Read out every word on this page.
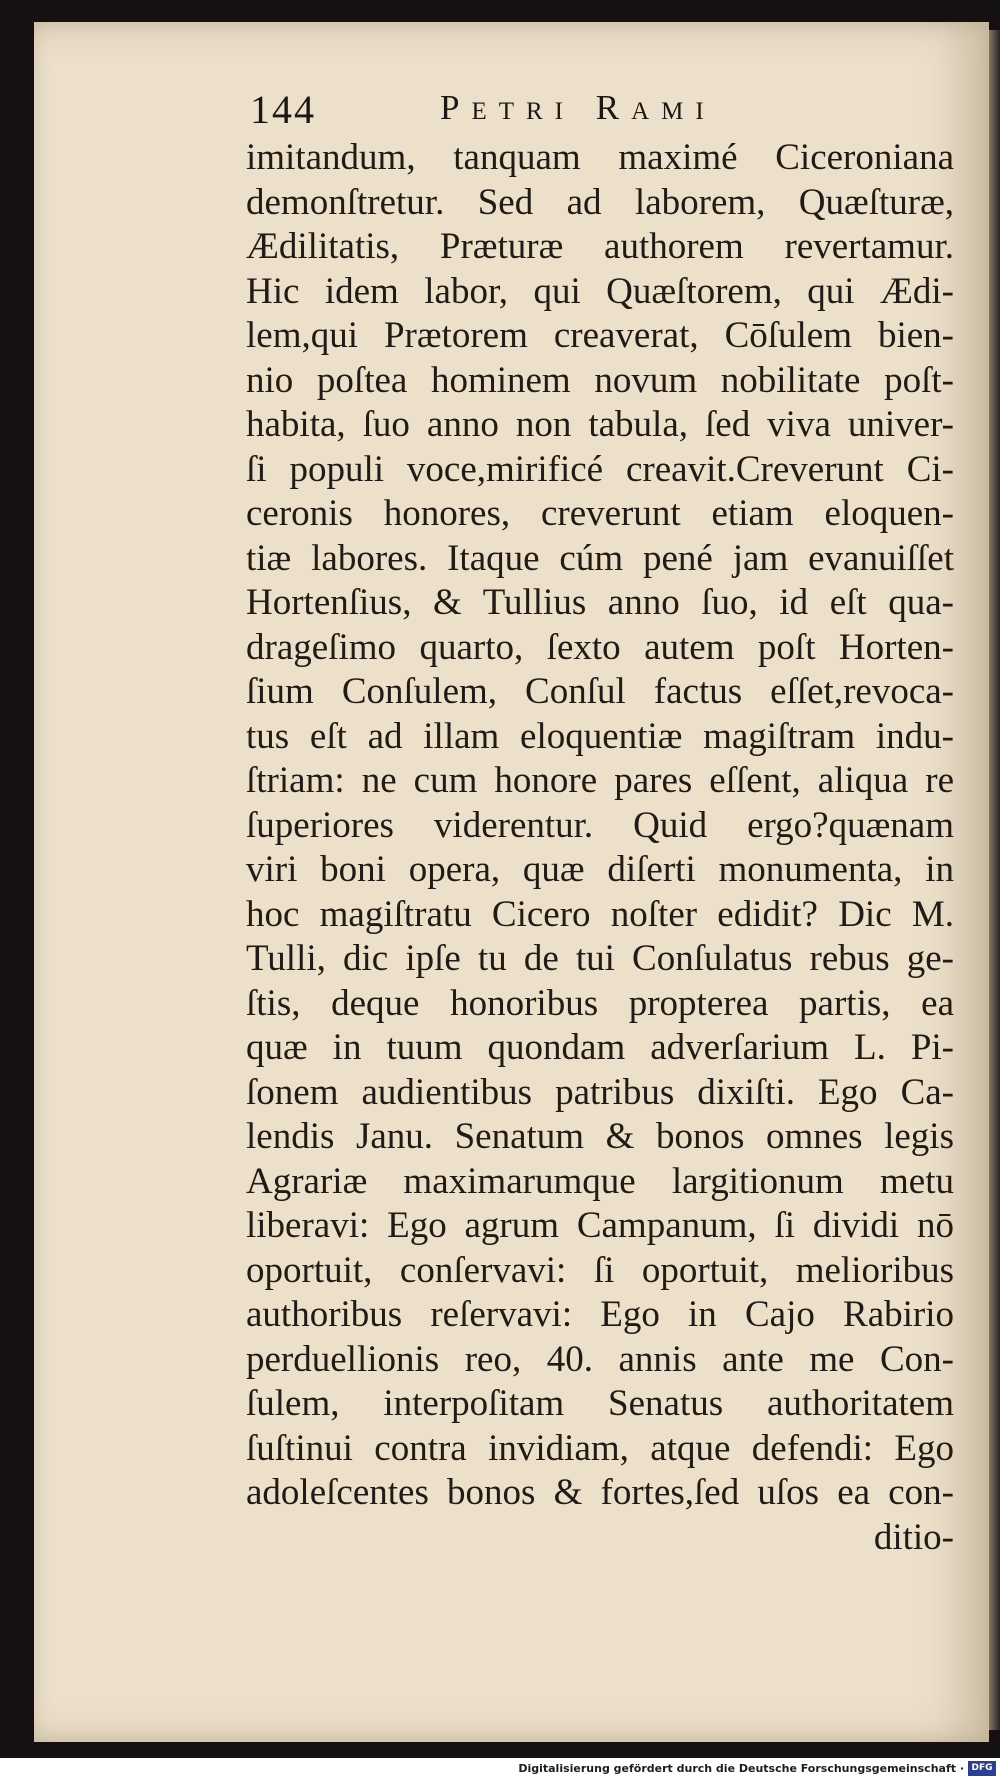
144	Petri Rami
imitandum, tanquam maximé Ciceroniana
demonſtretur. Sed ad laborem, Quæſturæ,
Ædilitatis, Præturæ authorem revertamur.
Hic idem labor, qui Quæſtorem, qui Ædi-
lem,qui Prætorem creaverat, Cōſulem bien-
nio poſtea hominem novum nobilitate poſt-
habita, ſuo anno non tabula, ſed viva univer-
ſi populi voce,mirificé creavit.Creverunt Ci-
ceronis honores, creverunt etiam eloquen-
tiæ labores. Itaque cúm pené jam evanuiſſet
Hortenſius, & Tullius anno ſuo, id eſt qua-
drageſimo quarto, ſexto autem poſt Horten-
ſium Conſulem, Conſul factus eſſet,revoca-
tus eſt ad illam eloquentiæ magiſtram indu-
ſtriam: ne cum honore pares eſſent, aliqua re
ſuperiores viderentur. Quid ergo?quænam
viri boni opera, quæ diſerti monumenta, in
hoc magiſtratu Cicero noſter edidit? Dic M.
Tulli, dic ipſe tu de tui Conſulatus rebus ge-
ſtis, deque honoribus propterea partis, ea
quæ in tuum quondam adverſarium L. Pi-
ſonem audientibus patribus dixiſti. Ego Ca-
lendis Janu. Senatum & bonos omnes legis
Agrariæ maximarumque largitionum metu
liberavi: Ego agrum Campanum, ſi dividi nō
oportuit, conſervavi: ſi oportuit, melioribus
authoribus reſervavi: Ego in Cajo Rabirio
perduellionis reo, 40. annis ante me Con-
ſulem, interpoſitam Senatus authoritatem
ſuſtinui contra invidiam, atque defendi: Ego
adoleſcentes bonos & fortes,ſed uſos ea con-
ditio-
Digitalisierung gefördert durch die Deutsche Forschungsgemeinschaft · DFG
